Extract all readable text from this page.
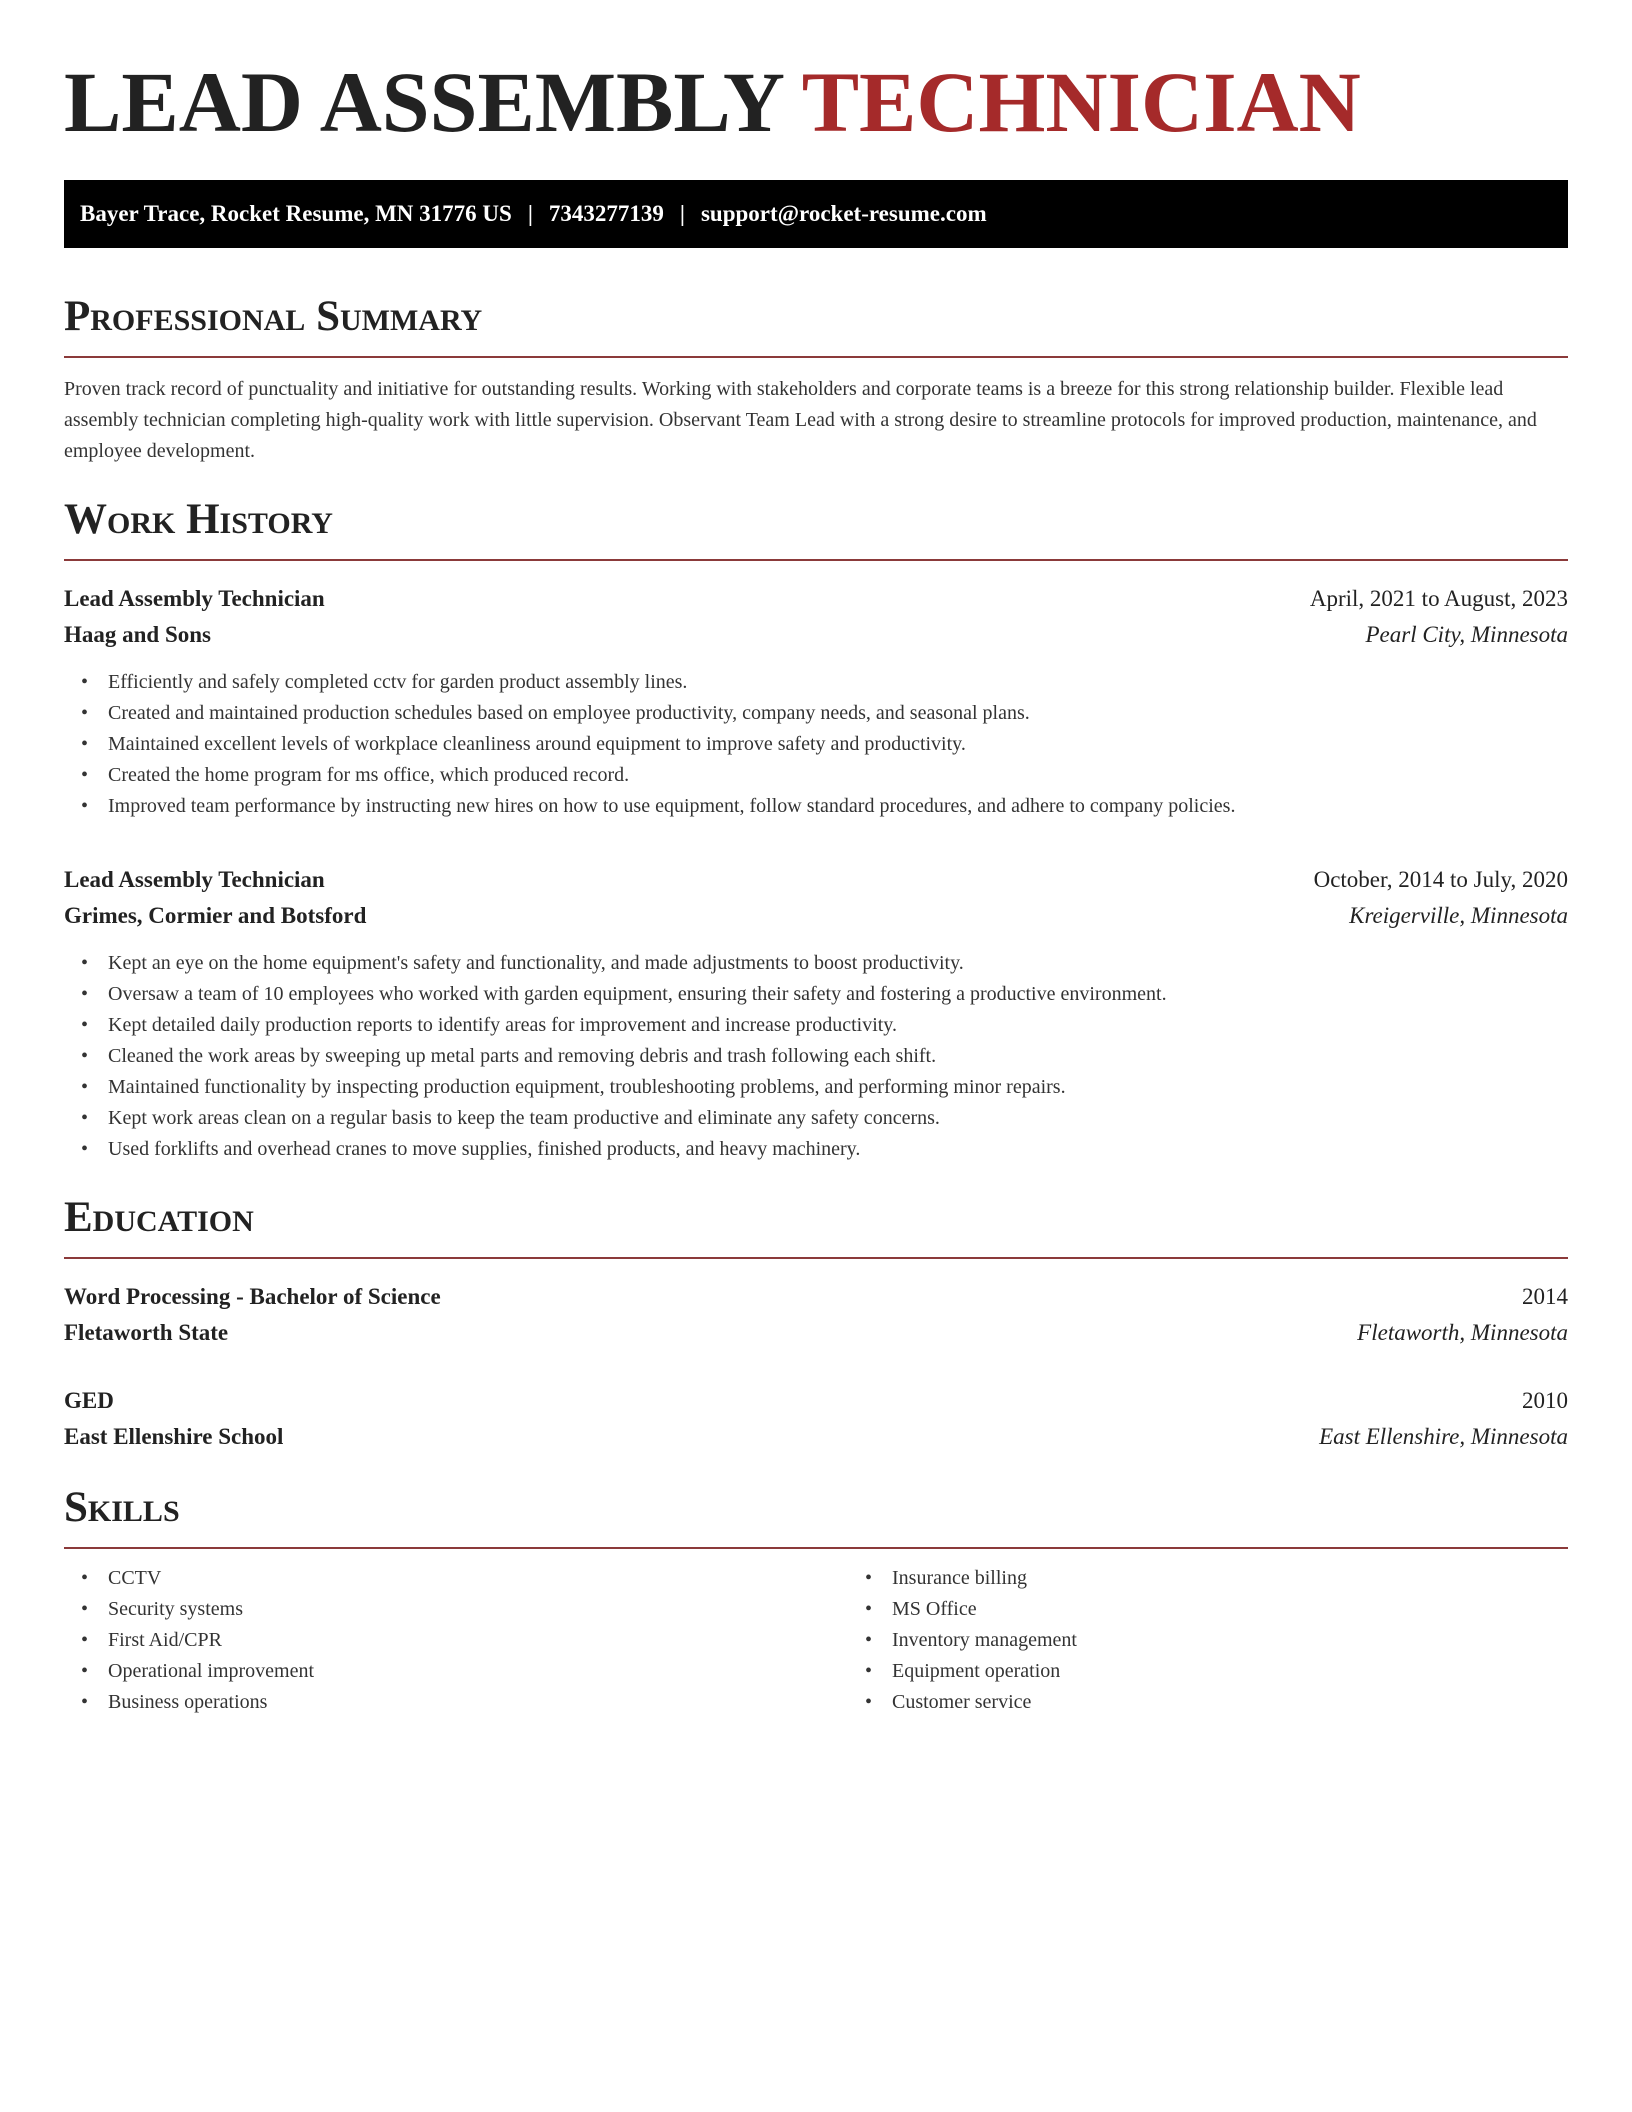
LEAD ASSEMBLY TECHNICIAN
Bayer Trace, Rocket Resume, MN 31776 US | 7343277139 | support@rocket-resume.com
Professional Summary

Proven track record of punctuality and initiative for outstanding results. Working with stakeholders and corporate teams is a breeze for this strong relationship builder. Flexible lead assembly technician completing high-quality work with little supervision. Observant Team Lead with a strong desire to streamline protocols for improved production, maintenance, and employee development.

Work History
Lead Assembly Technician	April, 2021 to August, 2023
Haag and Sons	Pearl City, Minnesota
• Efficiently and safely completed cctv for garden product assembly lines.
• Created and maintained production schedules based on employee productivity, company needs, and seasonal plans.
• Maintained excellent levels of workplace cleanliness around equipment to improve safety and productivity.
• Created the home program for ms office, which produced record.
• Improved team performance by instructing new hires on how to use equipment, follow standard procedures, and adhere to company policies.
Lead Assembly Technician	October, 2014 to July, 2020
Grimes, Cormier and Botsford	Kreigerville, Minnesota
• Kept an eye on the home equipment's safety and functionality, and made adjustments to boost productivity.
• Oversaw a team of 10 employees who worked with garden equipment, ensuring their safety and fostering a productive environment.
• Kept detailed daily production reports to identify areas for improvement and increase productivity.
• Cleaned the work areas by sweeping up metal parts and removing debris and trash following each shift.
• Maintained functionality by inspecting production equipment, troubleshooting problems, and performing minor repairs.
• Kept work areas clean on a regular basis to keep the team productive and eliminate any safety concerns.
• Used forklifts and overhead cranes to move supplies, finished products, and heavy machinery.
Education
Word Processing - Bachelor of Science	2014
Fletaworth State	Fletaworth, Minnesota
GED	2010
East Ellenshire School	East Ellenshire, Minnesota
Skills
• CCTV
• Security systems
• First Aid/CPR
• Operational improvement
• Business operations
• Insurance billing
• MS Office
• Inventory management
• Equipment operation
• Customer service
